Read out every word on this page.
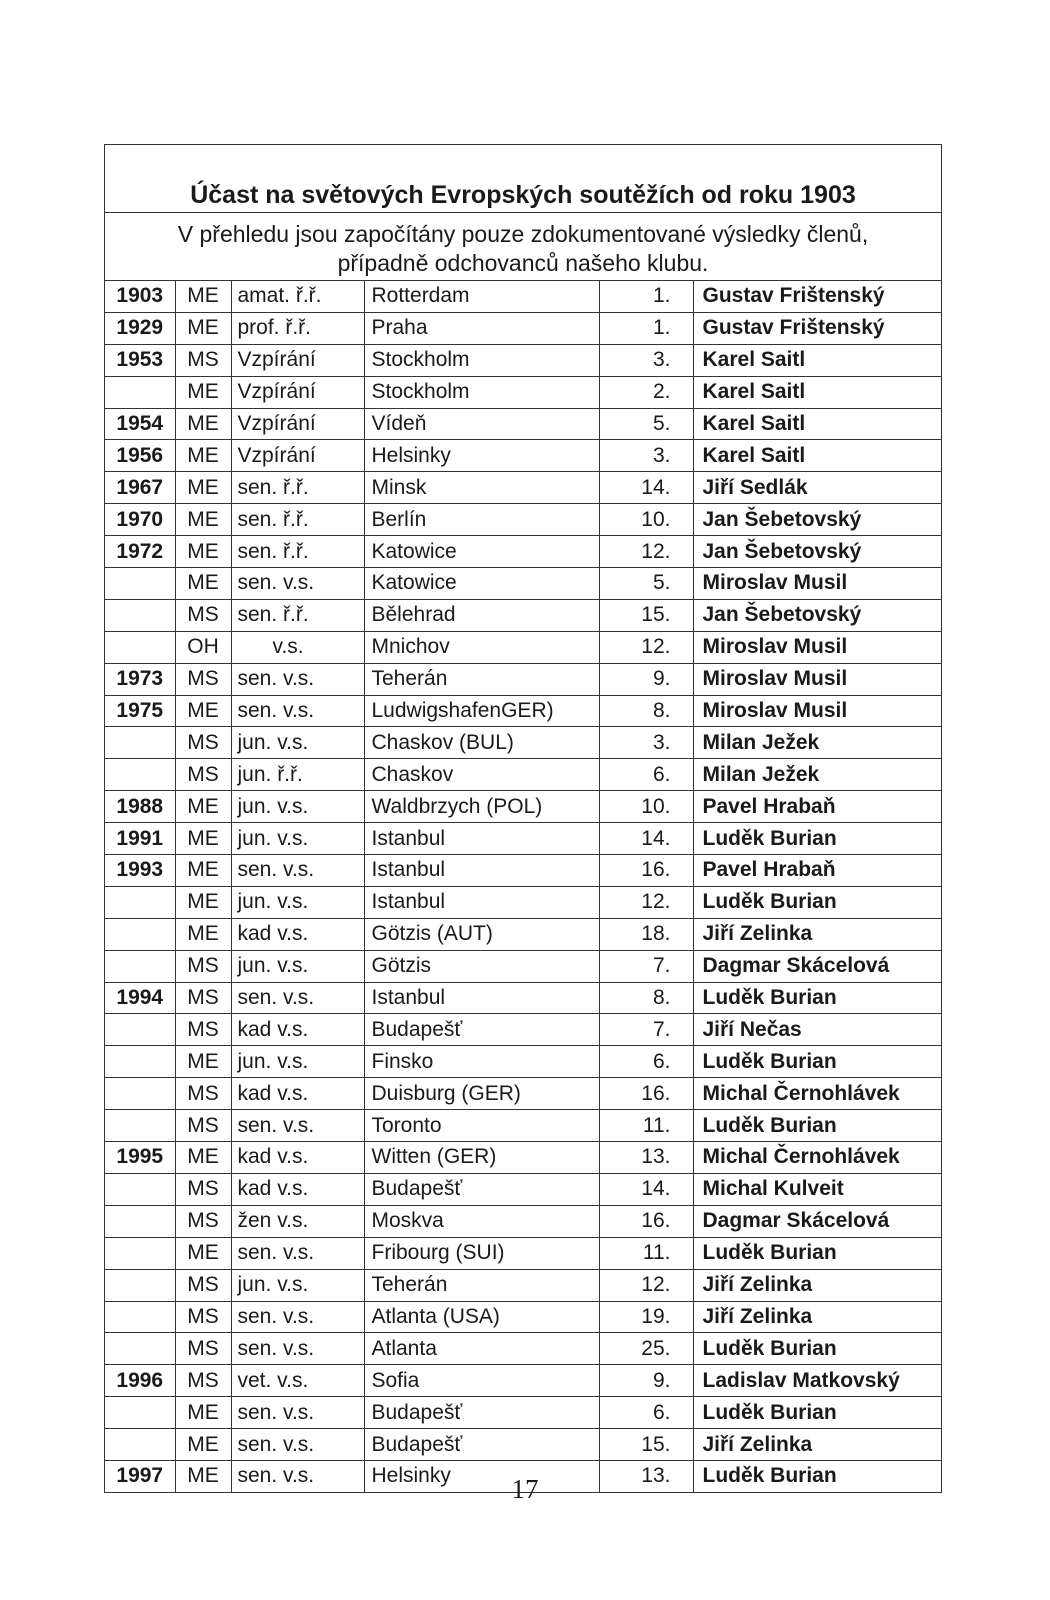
Účast na světových Evropských soutěžích od roku 1903
V přehledu jsou započítány pouze zdokumentované výsledky členů,
případně odchovanců našeho klubu.
1903	ME	amat. ř.ř.	Rotterdam	1.	Gustav Frištenský
1929	ME	prof. ř.ř.	Praha	1.	Gustav Frištenský
1953	MS	Vzpírání	Stockholm	3.	Karel Saitl
	ME	Vzpírání	Stockholm	2.	Karel Saitl
1954	ME	Vzpírání	Vídeň	5.	Karel Saitl
1956	ME	Vzpírání	Helsinky	3.	Karel Saitl
1967	ME	sen. ř.ř.	Minsk	14.	Jiří Sedlák
1970	ME	sen. ř.ř.	Berlín	10.	Jan Šebetovský
1972	ME	sen. ř.ř.	Katowice	12.	Jan Šebetovský
	ME	sen. v.s.	Katowice	5.	Miroslav Musil
	MS	sen. ř.ř.	Bělehrad	15.	Jan Šebetovský
	OH	v.s.	Mnichov	12.	Miroslav Musil
1973	MS	sen. v.s.	Teherán	9.	Miroslav Musil
1975	ME	sen. v.s.	LudwigshafenGER)	8.	Miroslav Musil
	MS	jun. v.s.	Chaskov (BUL)	3.	Milan Ježek
	MS	jun. ř.ř.	Chaskov	6.	Milan Ježek
1988	ME	jun. v.s.	Waldbrzych (POL)	10.	Pavel Hrabaň
1991	ME	jun. v.s.	Istanbul	14.	Luděk Burian
1993	ME	sen. v.s.	Istanbul	16.	Pavel Hrabaň
	ME	jun. v.s.	Istanbul	12.	Luděk Burian
	ME	kad v.s.	Götzis (AUT)	18.	Jiří Zelinka
	MS	jun. v.s.	Götzis	7.	Dagmar Skácelová
1994	MS	sen. v.s.	Istanbul	8.	Luděk Burian
	MS	kad v.s.	Budapešť	7.	Jiří Nečas
	ME	jun. v.s.	Finsko	6.	Luděk Burian
	MS	kad v.s.	Duisburg (GER)	16.	Michal Černohlávek
	MS	sen. v.s.	Toronto	11.	Luděk Burian
1995	ME	kad v.s.	Witten (GER)	13.	Michal Černohlávek
	MS	kad v.s.	Budapešť	14.	Michal Kulveit
	MS	žen v.s.	Moskva	16.	Dagmar Skácelová
	ME	sen. v.s.	Fribourg (SUI)	11.	Luděk Burian
	MS	jun. v.s.	Teherán	12.	Jiří Zelinka
	MS	sen. v.s.	Atlanta (USA)	19.	Jiří Zelinka
	MS	sen. v.s.	Atlanta	25.	Luděk Burian
1996	MS	vet. v.s.	Sofia	9.	Ladislav Matkovský
	ME	sen. v.s.	Budapešť	6.	Luděk Burian
	ME	sen. v.s.	Budapešť	15.	Jiří Zelinka
1997	ME	sen. v.s.	Helsinky	13.	Luděk Burian
17
